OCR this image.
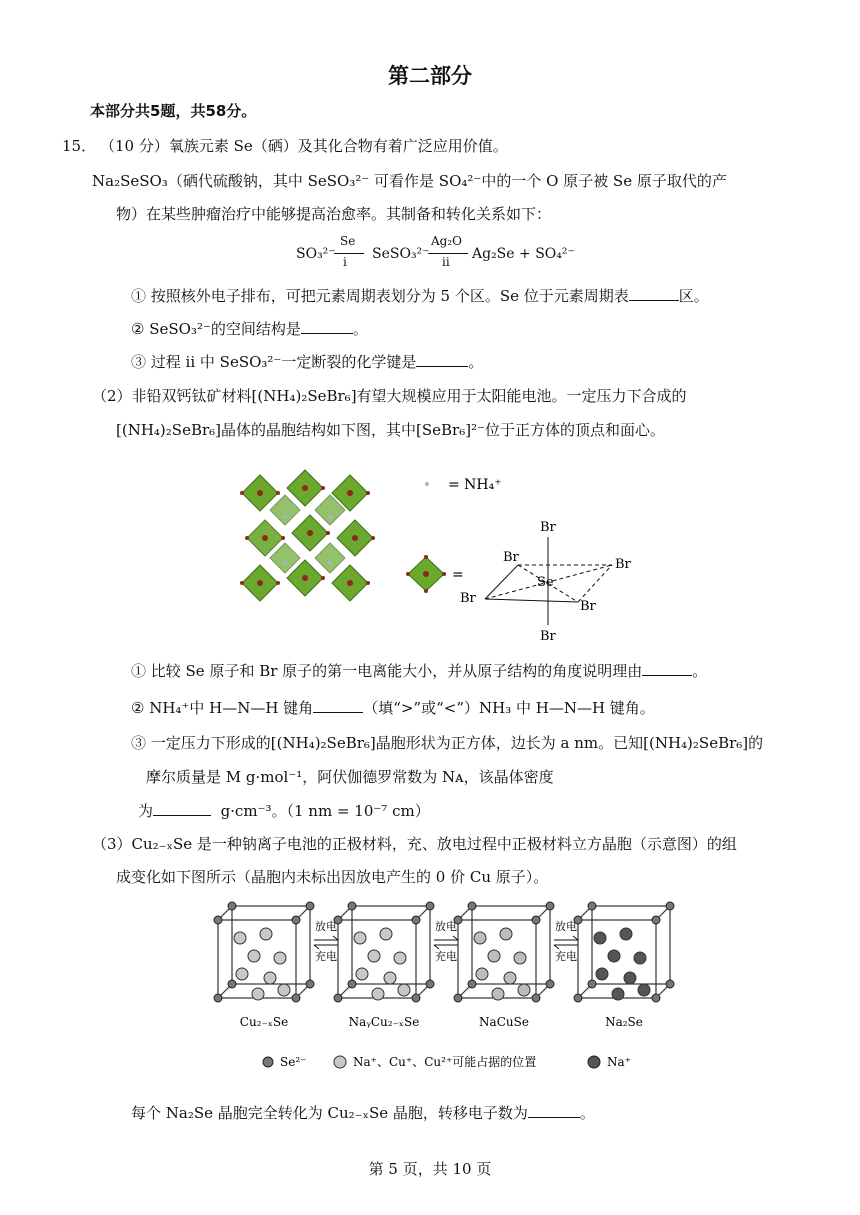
第二部分
本部分共5题，共58分。
15． （10 分）氧族元素 Se（硒）及其化合物有着广泛应用价值。
Na₂SeSO₃（硒代硫酸钠，其中 SeSO₃²⁻ 可看作是 SO₄²⁻中的一个 O 原子被 Se 原子取代的产
物）在某些肿瘤治疗中能够提高治愈率。其制备和转化关系如下：
SO₃²⁻
Se
i SeSO₃²⁻
Ag₂O
ii Ag₂Se + SO₄²⁻
① 按照核外电子排布，可把元素周期表划分为 5 个区。Se 位于元素周期表	区。
② SeSO₃²⁻的空间结构是	。
③ 过程 ii 中 SeSO₃²⁻一定断裂的化学键是	。
（2）非铅双钙钛矿材料[(NH₄)₂SeBr₆]有望大规模应用于太阳能电池。一定压力下合成的
[(NH₄)₂SeBr₆]晶体的晶胞结构如下图，其中[SeBr₆]²⁻位于正方体的顶点和面心。
= NH₄⁺
=
Br
Br	Br
Br
Br
Br
Se
① 比较 Se 原子和 Br 原子的第一电离能大小，并从原子结构的角度说明理由	。
② NH₄⁺中 H—N—H 键角	（填“>”或“<”）NH₃ 中 H—N—H 键角。
③ 一定压力下形成的[(NH₄)₂SeBr₆]晶胞形状为正方体，边长为 a nm。已知[(NH₄)₂SeBr₆]的
摩尔质量是 M g·mol⁻¹，阿伏伽德罗常数为 Nᴀ，该晶体密度
为	g·cm⁻³。（1 nm = 10⁻⁷ cm）
（3）Cu₂₋ₓSe 是一种钠离子电池的正极材料，充、放电过程中正极材料立方晶胞（示意图）的组
成变化如下图所示（晶胞内未标出因放电产生的 0 价 Cu 原子）。
Cu₂₋ₓSe	NaᵧCu₂₋ₓSe	NaCuSe	Na₂Se
放电
充电
放电
充电
放电
充电
Se²⁻	Na⁺、Cu⁺、Cu²⁺可能占据的位置	Na⁺
每个 Na₂Se 晶胞完全转化为 Cu₂₋ₓSe 晶胞，转移电子数为	。
第 5 页，共 10 页
